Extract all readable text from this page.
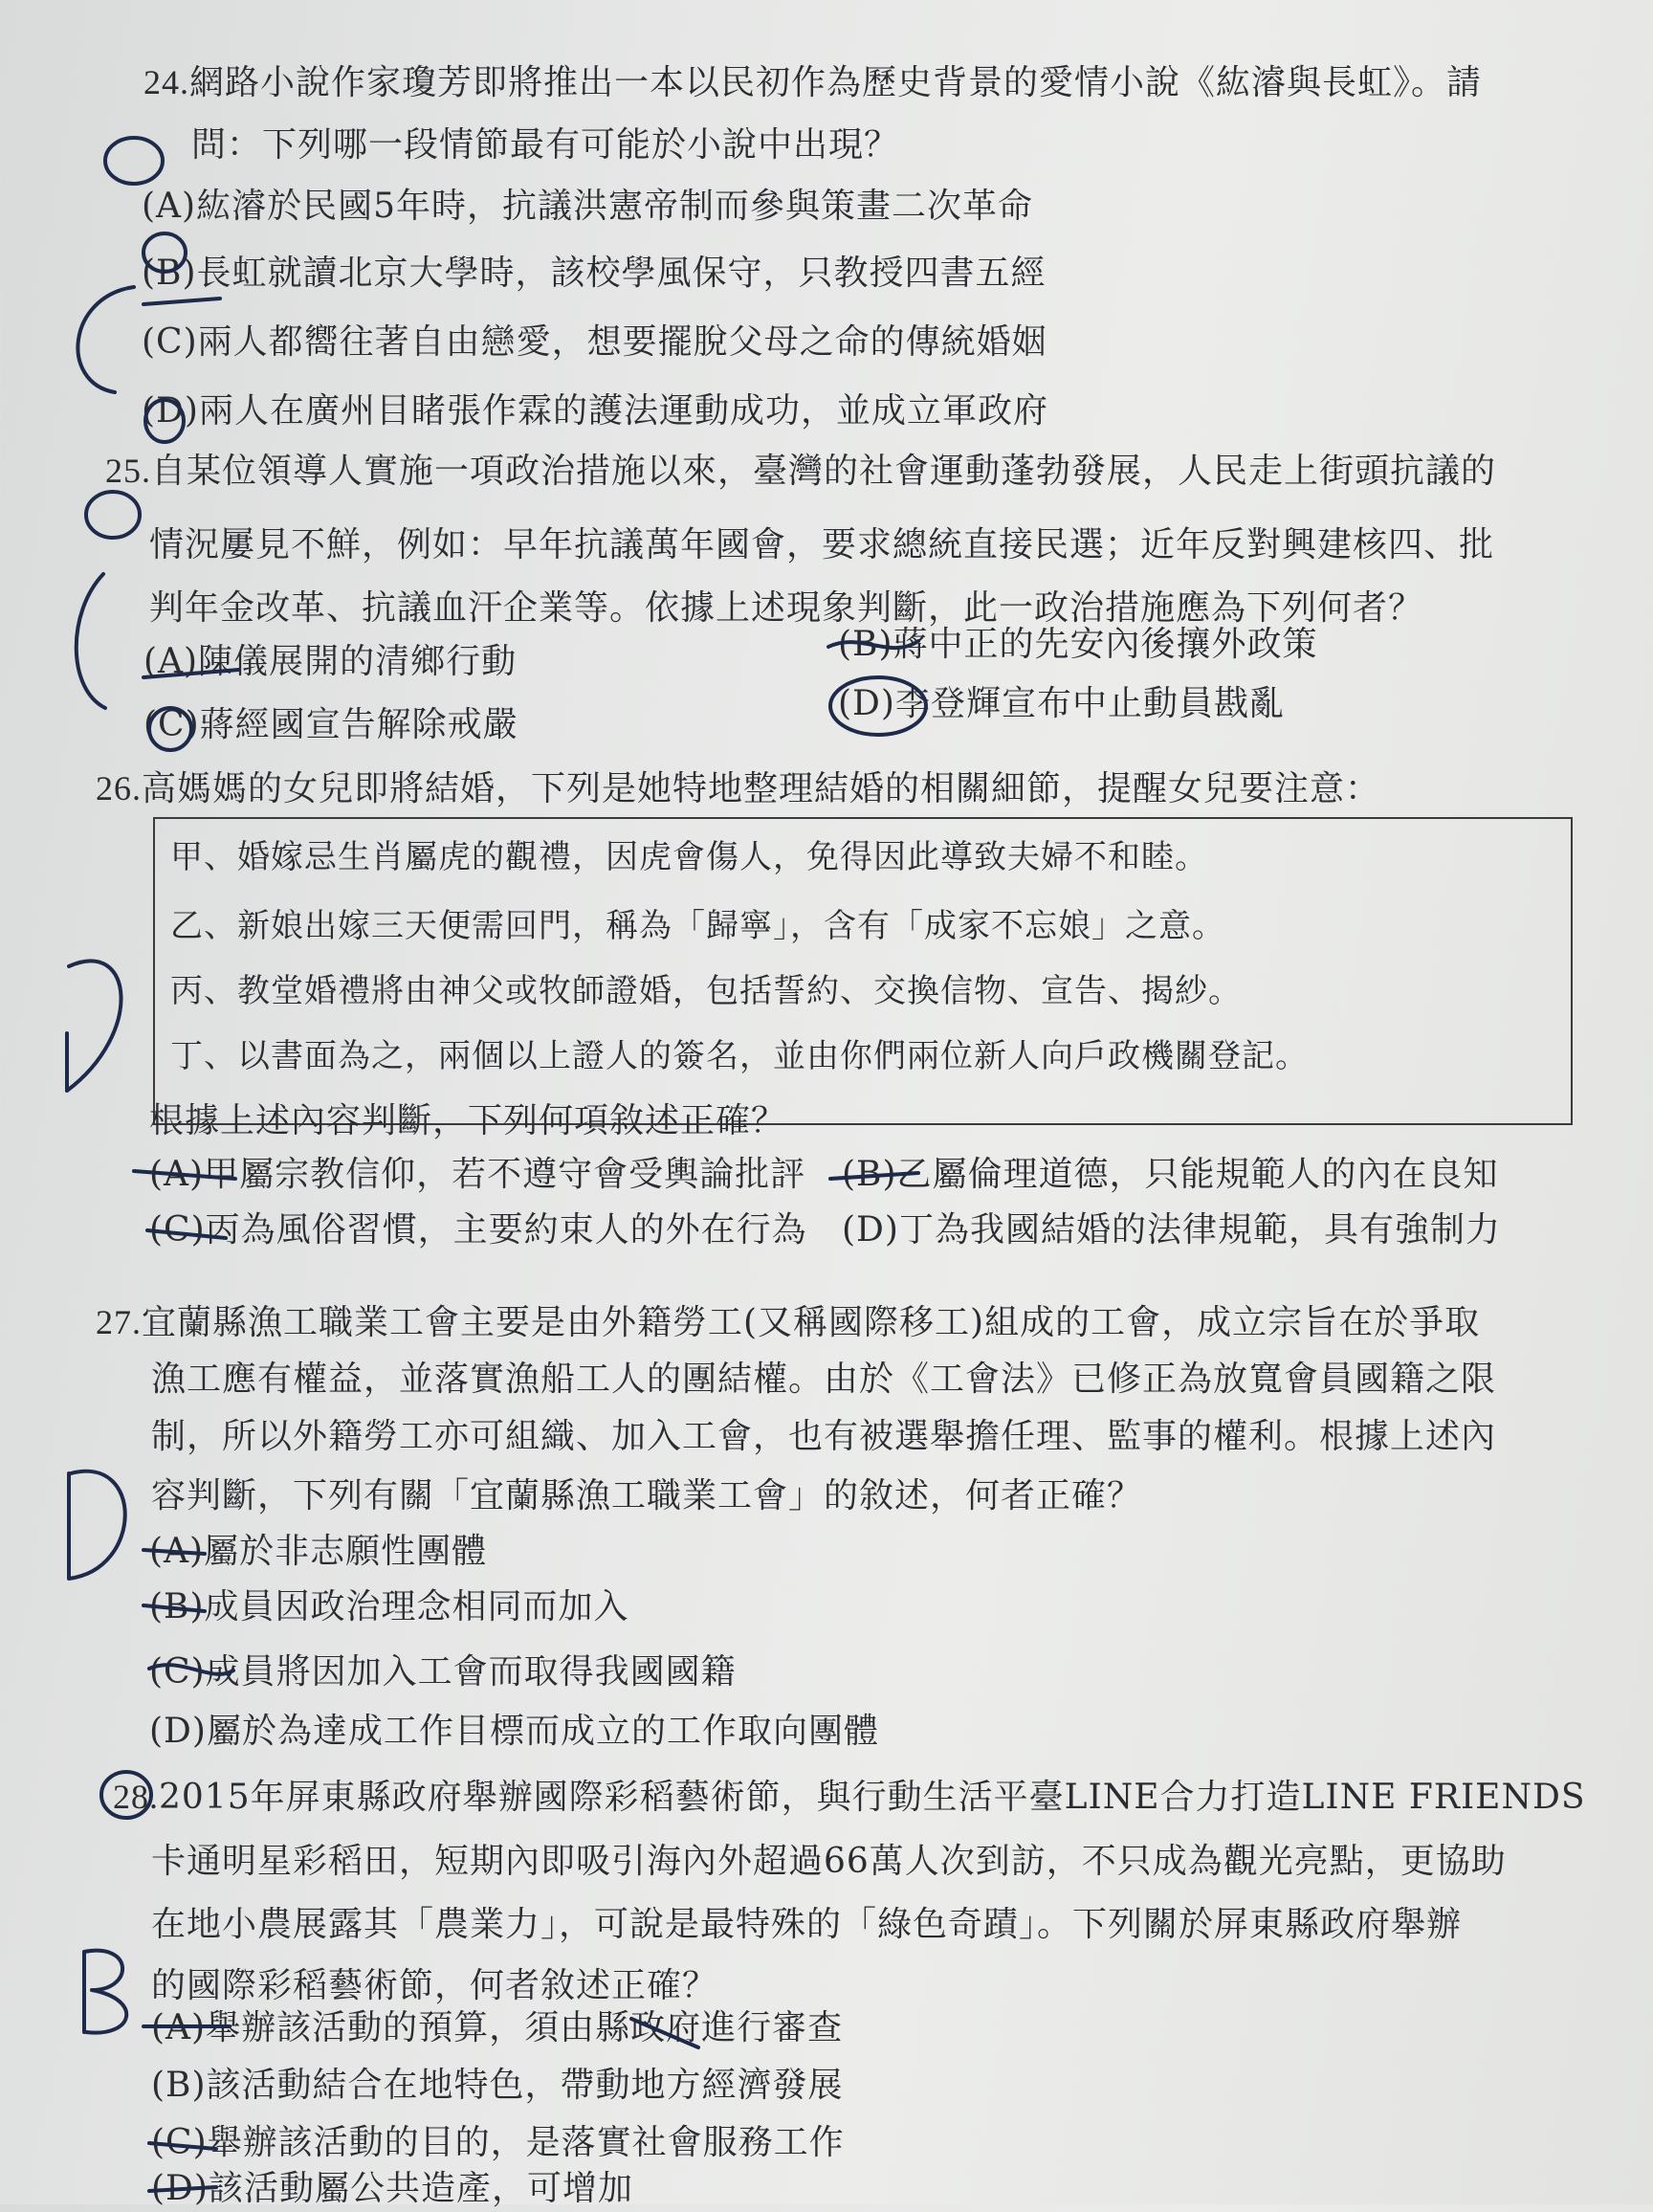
24.網路小說作家瓊芳即將推出一本以民初作為歷史背景的愛情小說《紘濬與長虹》。請
問：下列哪一段情節最有可能於小說中出現？
(A)紘濬於民國5年時，抗議洪憲帝制而參與策畫二次革命
(B)長虹就讀北京大學時，該校學風保守，只教授四書五經
(C)兩人都嚮往著自由戀愛，想要擺脫父母之命的傳統婚姻
(D)兩人在廣州目睹張作霖的護法運動成功，並成立軍政府
25.自某位領導人實施一項政治措施以來，臺灣的社會運動蓬勃發展，人民走上街頭抗議的
情況屢見不鮮，例如：早年抗議萬年國會，要求總統直接民選；近年反對興建核四、批
判年金改革、抗議血汗企業等。依據上述現象判斷，此一政治措施應為下列何者？
(A)陳儀展開的清鄉行動	(B)蔣中正的先安內後攘外政策
(C)蔣經國宣告解除戒嚴
(D)李登輝宣布中止動員戡亂
26.高媽媽的女兒即將結婚，下列是她特地整理結婚的相關細節，提醒女兒要注意：
甲、婚嫁忌生肖屬虎的觀禮，因虎會傷人，免得因此導致夫婦不和睦。
乙、新娘出嫁三天便需回門，稱為「歸寧」，含有「成家不忘娘」之意。
丙、教堂婚禮將由神父或牧師證婚，包括誓約、交換信物、宣告、揭紗。
丁、以書面為之，兩個以上證人的簽名，並由你們兩位新人向戶政機關登記。
根據上述內容判斷，下列何項敘述正確？
(A)甲屬宗教信仰，若不遵守會受輿論批評 (B)乙屬倫理道德，只能規範人的內在良知
(C)丙為風俗習慣，主要約束人的外在行為 (D)丁為我國結婚的法律規範，具有強制力
27.宜蘭縣漁工職業工會主要是由外籍勞工(又稱國際移工)組成的工會，成立宗旨在於爭取
漁工應有權益，並落實漁船工人的團結權。由於《工會法》已修正為放寬會員國籍之限
制，所以外籍勞工亦可組織、加入工會，也有被選舉擔任理、監事的權利。根據上述內
容判斷，下列有關「宜蘭縣漁工職業工會」的敘述，何者正確？
(A)屬於非志願性團體
(B)成員因政治理念相同而加入
(C)成員將因加入工會而取得我國國籍
(D)屬於為達成工作目標而成立的工作取向團體
28.2015年屏東縣政府舉辦國際彩稻藝術節，與行動生活平臺LINE合力打造LINE FRIENDS
卡通明星彩稻田，短期內即吸引海內外超過66萬人次到訪，不只成為觀光亮點，更協助
在地小農展露其「農業力」，可說是最特殊的「綠色奇蹟」。下列關於屏東縣政府舉辦
的國際彩稻藝術節，何者敘述正確？
(A)舉辦該活動的預算，須由縣政府進行審查
(B)該活動結合在地特色，帶動地方經濟發展
(C)舉辦該活動的目的，是落實社會服務工作
(D)該活動屬公共造產，可增加
